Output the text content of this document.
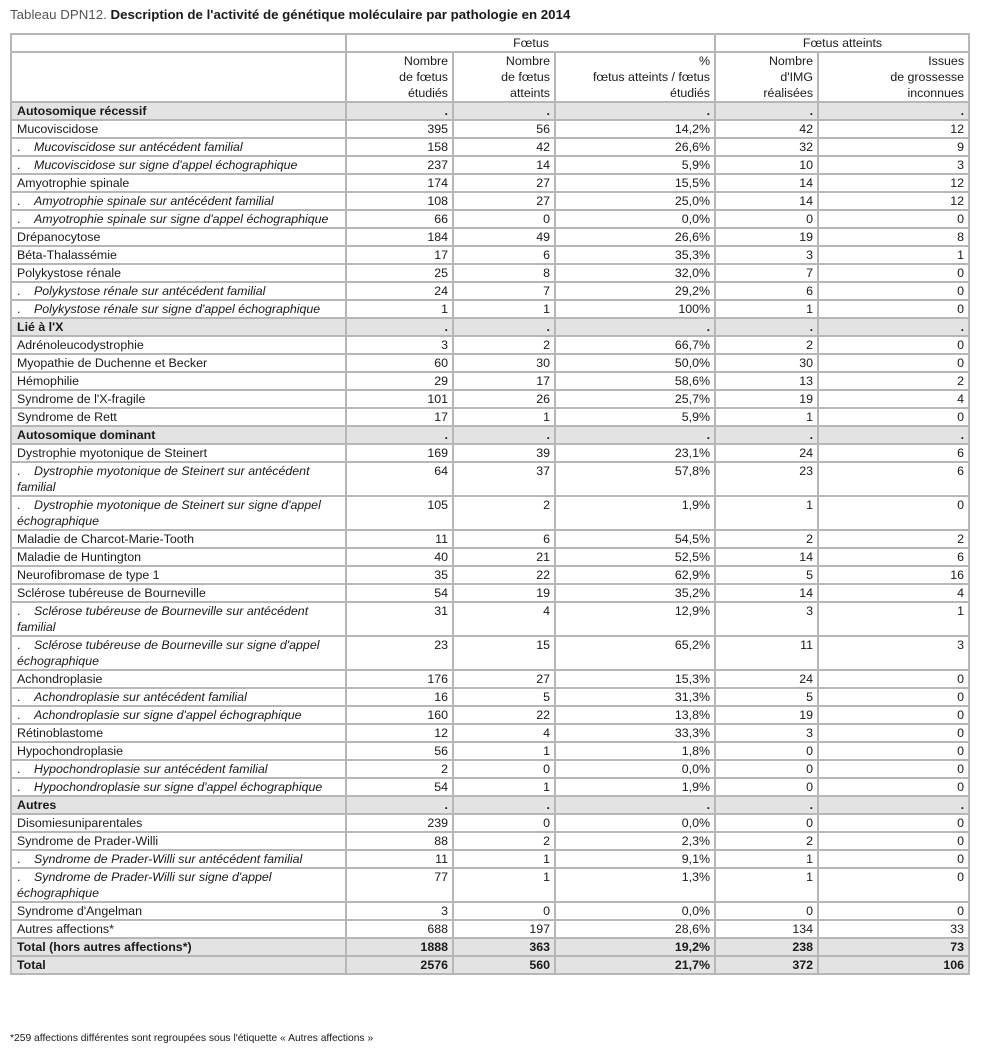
Tableau DPN12. Description de l'activité de génétique moléculaire par pathologie en 2014
	Fœtus			Fœtus atteints	
	Nombre
de fœtus
étudiés	Nombre
de fœtus
atteints	%
fœtus atteints / fœtus
étudiés	Nombre
d'IMG
réalisées	Issues
de grossesse
inconnues
Autosomique récessif	.	.	.	.	.
Mucoviscidose	395	56	14,2%	42	12
. Mucoviscidose sur antécédent familial	158	42	26,6%	32	9
. Mucoviscidose sur signe d'appel échographique	237	14	5,9%	10	3
Amyotrophie spinale	174	27	15,5%	14	12
. Amyotrophie spinale sur antécédent familial	108	27	25,0%	14	12
. Amyotrophie spinale sur signe d'appel échographique	66	0	0,0%	0	0
Drépanocytose	184	49	26,6%	19	8
Béta-Thalassémie	17	6	35,3%	3	1
Polykystose rénale	25	8	32,0%	7	0
. Polykystose rénale sur antécédent familial	24	7	29,2%	6	0
. Polykystose rénale sur signe d'appel échographique	1	1	100%	1	0
Lié à l'X	.	.	.	.	.
Adrénoleucodystrophie	3	2	66,7%	2	0
Myopathie de Duchenne et Becker	60	30	50,0%	30	0
Hémophilie	29	17	58,6%	13	2
Syndrome de l'X-fragile	101	26	25,7%	19	4
Syndrome de Rett	17	1	5,9%	1	0
Autosomique dominant	.	.	.	.	.
Dystrophie myotonique de Steinert	169	39	23,1%	24	6
. Dystrophie myotonique de Steinert sur antécédent familial	64	37	57,8%	23	6
. Dystrophie myotonique de Steinert sur signe d'appel échographique	105	2	1,9%	1	0
Maladie de Charcot-Marie-Tooth	11	6	54,5%	2	2
Maladie de Huntington	40	21	52,5%	14	6
Neurofibromase de type 1	35	22	62,9%	5	16
Sclérose tubéreuse de Bourneville	54	19	35,2%	14	4
. Sclérose tubéreuse de Bourneville sur antécédent familial	31	4	12,9%	3	1
. Sclérose tubéreuse de Bourneville sur signe d'appel échographique	23	15	65,2%	11	3
Achondroplasie	176	27	15,3%	24	0
. Achondroplasie sur antécédent familial	16	5	31,3%	5	0
. Achondroplasie sur signe d'appel échographique	160	22	13,8%	19	0
Rétinoblastome	12	4	33,3%	3	0
Hypochondroplasie	56	1	1,8%	0	0
. Hypochondroplasie sur antécédent familial	2	0	0,0%	0	0
. Hypochondroplasie sur signe d'appel échographique	54	1	1,9%	0	0
Autres	.	.	.	.	.
Disomiesuniparentales	239	0	0,0%	0	0
Syndrome de Prader-Willi	88	2	2,3%	2	0
. Syndrome de Prader-Willi sur antécédent familial	11	1	9,1%	1	0
. Syndrome de Prader-Willi sur signe d'appel échographique	77	1	1,3%	1	0
Syndrome d'Angelman	3	0	0,0%	0	0
Autres affections*	688	197	28,6%	134	33
Total (hors autres affections*)	1888	363	19,2%	238	73
Total	2576	560	21,7%	372	106
*259 affections différentes sont regroupées sous l'étiquette « Autres affections »
